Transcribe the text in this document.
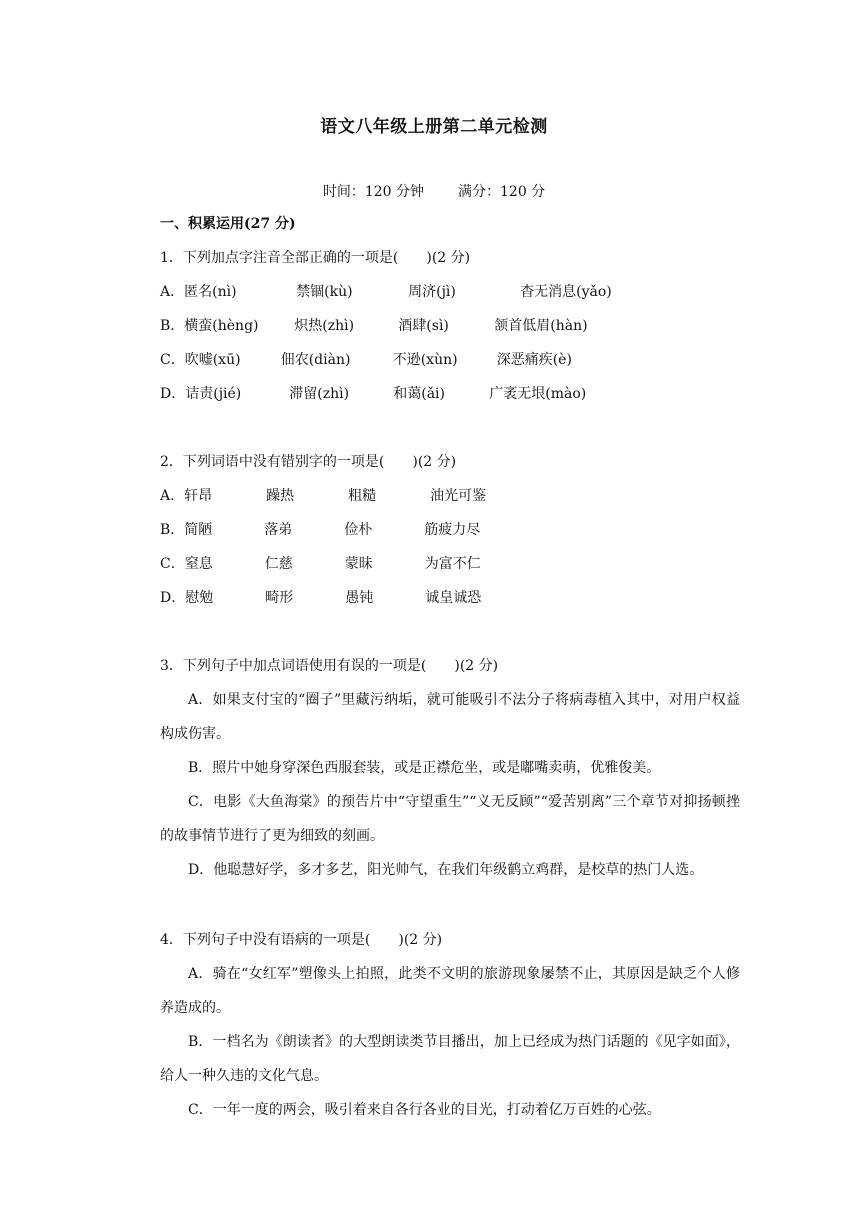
语文八年级上册第二单元检测
时间：120 分钟 满分：120 分
一、积累运用(27 分)
1．下列加点字注音全部正确的一项是(　　)(2 分)
A．匿名(nì)	禁锢(kù)	周济(jì)	杳无消息(yǎo)
B．横蛮(hèng)	炽热(zhì)	酒肆(sì)	颔首低眉(hàn)
C．吹嘘(xū)	佃农(diàn)	不逊(xùn)	深恶痛疾(è)
D．诘责(jié)	滞留(zhì)	和蔼(ǎi)	广袤无垠(mào)
2．下列词语中没有错别字的一项是(　　)(2 分)
A．轩昂	躁热	粗糙	油光可鉴
B．简陋	落弟	俭朴	筋疲力尽
C．窒息	仁慈	蒙昧	为富不仁
D．慰勉	畸形	愚钝	诚皇诚恐
3．下列句子中加点词语使用有误的一项是(　　)(2 分)
A．如果支付宝的“圈子”里藏污纳垢，就可能吸引不法分子将病毒植入其中，对用户权益构成伤害。
B．照片中她身穿深色西服套装，或是正襟危坐，或是嘟嘴卖萌，优雅俊美。
C．电影《大鱼海棠》的预告片中“守望重生”“义无反顾”“爱苦别离”三个章节对抑扬顿挫的故事情节进行了更为细致的刻画。
D．他聪慧好学，多才多艺，阳光帅气，在我们年级鹤立鸡群，是校草的热门人选。
4．下列句子中没有语病的一项是(　　)(2 分)
A．骑在“女红军”塑像头上拍照，此类不文明的旅游现象屡禁不止，其原因是缺乏个人修养造成的。
B．一档名为《朗读者》的大型朗读类节目播出，加上已经成为热门话题的《见字如面》，给人一种久违的文化气息。
C．一年一度的两会，吸引着来自各行各业的目光，打动着亿万百姓的心弦。
